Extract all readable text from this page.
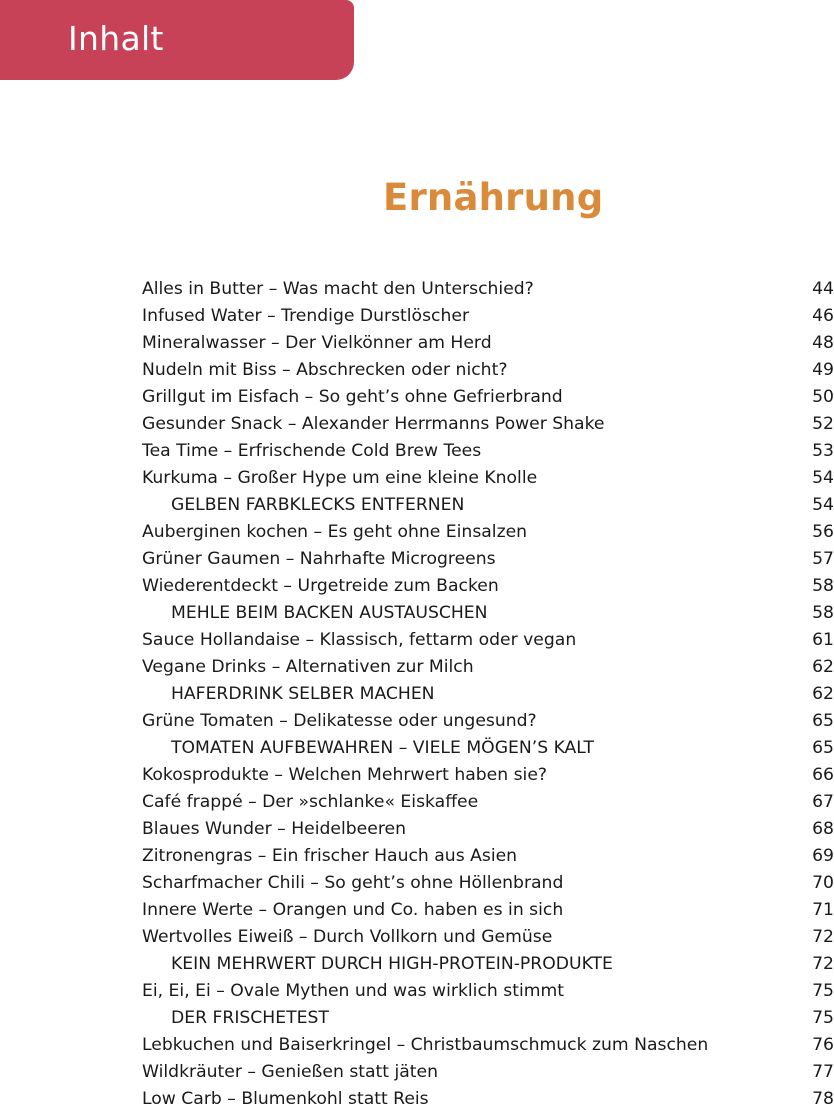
Inhalt
Ernährung
Alles in Butter – Was macht den Unterschied?	44
Infused Water – Trendige Durstlöscher	46
Mineralwasser – Der Vielkönner am Herd	48
Nudeln mit Biss – Abschrecken oder nicht?	49
Grillgut im Eisfach – So geht’s ohne Gefrierbrand	50
Gesunder Snack – Alexander Herrmanns Power Shake	52
Tea Time – Erfrischende Cold Brew Tees	53
Kurkuma – Großer Hype um eine kleine Knolle	54
GELBEN FARBKLECKS ENTFERNEN	54
Auberginen kochen – Es geht ohne Einsalzen	56
Grüner Gaumen – Nahrhafte Microgreens	57
Wiederentdeckt – Urgetreide zum Backen	58
MEHLE BEIM BACKEN AUSTAUSCHEN	58
Sauce Hollandaise – Klassisch, fettarm oder vegan	61
Vegane Drinks – Alternativen zur Milch	62
HAFERDRINK SELBER MACHEN	62
Grüne Tomaten – Delikatesse oder ungesund?	65
TOMATEN AUFBEWAHREN – VIELE MÖGEN’S KALT	65
Kokosprodukte – Welchen Mehrwert haben sie?	66
Café frappé – Der »schlanke« Eiskaffee	67
Blaues Wunder – Heidelbeeren	68
Zitronengras – Ein frischer Hauch aus Asien	69
Scharfmacher Chili – So geht’s ohne Höllenbrand	70
Innere Werte – Orangen und Co. haben es in sich	71
Wertvolles Eiweiß – Durch Vollkorn und Gemüse	72
KEIN MEHRWERT DURCH HIGH-PROTEIN-PRODUKTE	72
Ei, Ei, Ei – Ovale Mythen und was wirklich stimmt	75
DER FRISCHETEST	75
Lebkuchen und Baiserkringel – Christbaumschmuck zum Naschen	76
Wildkräuter – Genießen statt jäten	77
Low Carb – Blumenkohl statt Reis	78
